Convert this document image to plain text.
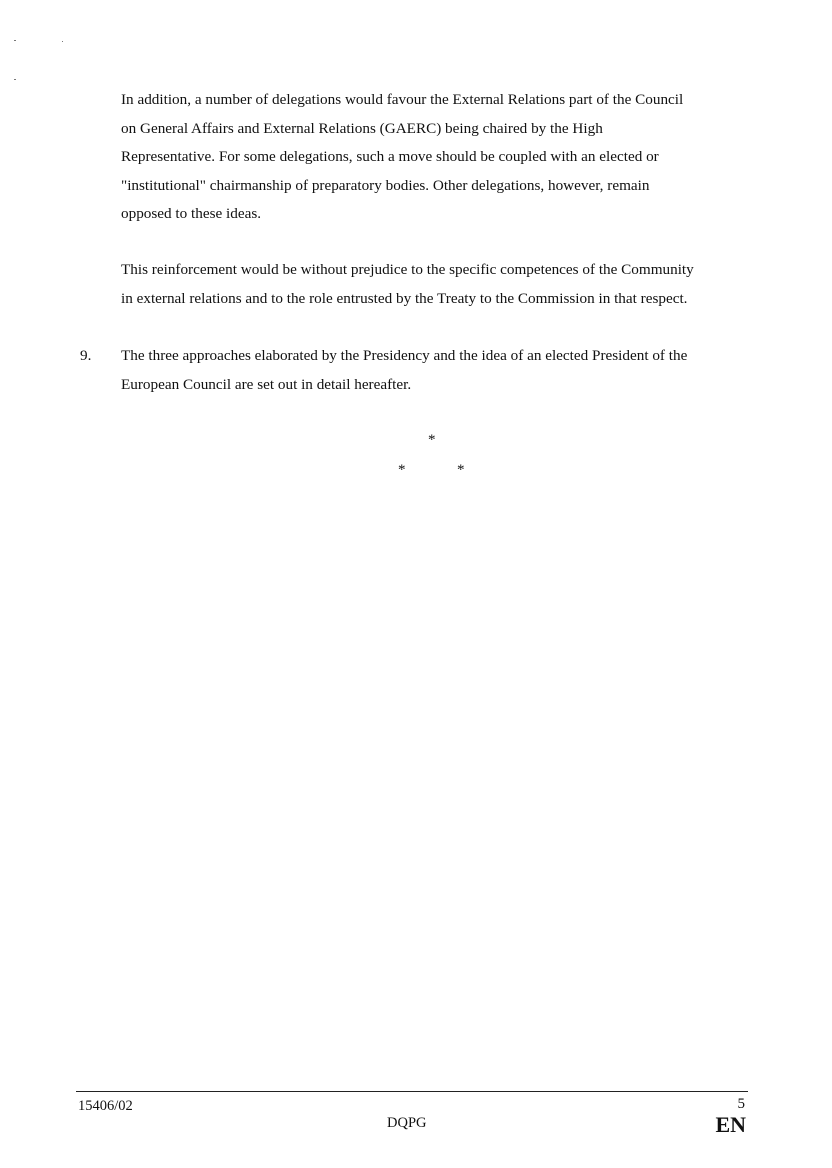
In addition, a number of delegations would favour the External Relations part of the Council
on General Affairs and External Relations (GAERC) being chaired by the High
Representative. For some delegations, such a move should be coupled with an elected or
"institutional" chairmanship of preparatory bodies. Other delegations, however, remain
opposed to these ideas.
This reinforcement would be without prejudice to the specific competences of the Community
in external relations and to the role entrusted by the Treaty to the Commission in that respect.
9. The three approaches elaborated by the Presidency and the idea of an elected President of the
European Council are set out in detail hereafter.
*
*	*
15406/02
DQPG
5
EN
